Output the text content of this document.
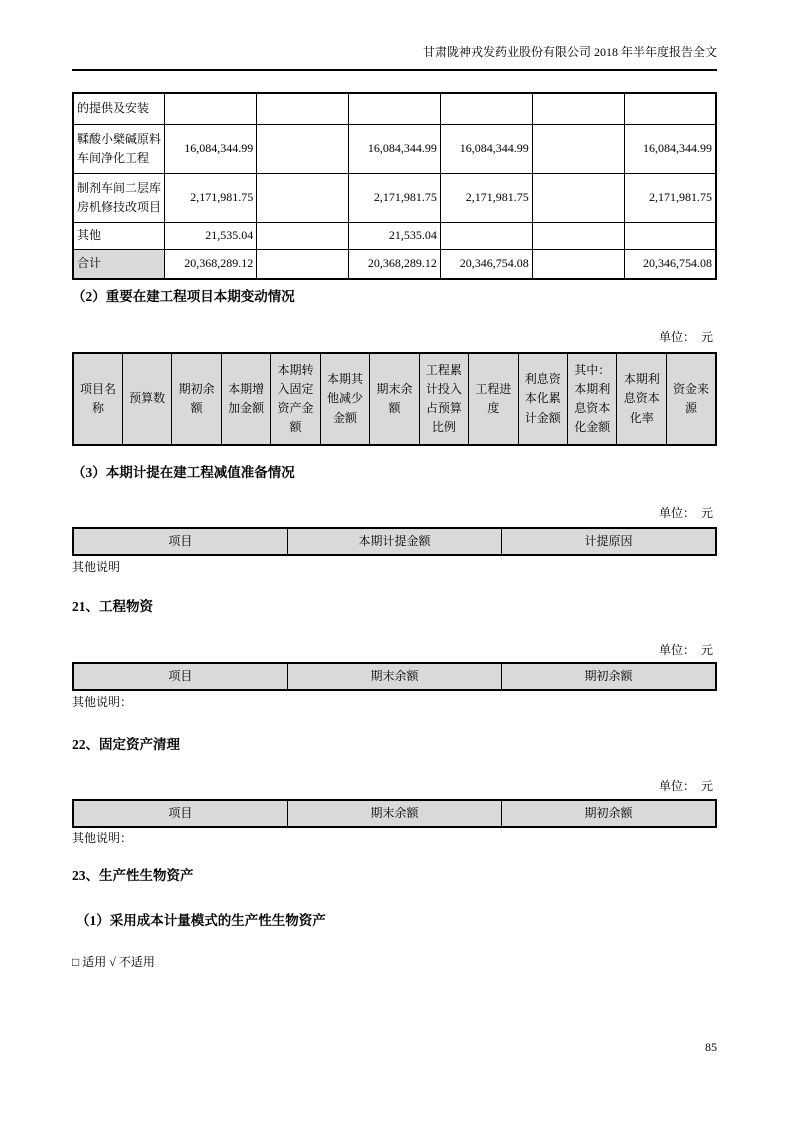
甘肃陇神戎发药业股份有限公司 2018 年半年度报告全文
的提供及安装						
鞣酸小檗碱原料车间净化工程	16,084,344.99		16,084,344.99	16,084,344.99		16,084,344.99
制剂车间二层库房机修技改项目	2,171,981.75		2,171,981.75	2,171,981.75		2,171,981.75
其他	21,535.04		21,535.04			
合计	20,368,289.12		20,368,289.12	20,346,754.08		20,346,754.08
（2）重要在建工程项目本期变动情况
单位：　元
项目名称	预算数	期初余额	本期增加金额	本期转入固定资产金额	本期其他减少金额	期末余额	工程累计投入占预算比例	工程进度	利息资本化累计金额	其中：本期利息资本化金额	本期利息资本化率	资金来源
（3）本期计提在建工程减值准备情况
单位：　元
项目	本期计提金额	计提原因
其他说明
21、工程物资
单位：　元
项目	期末余额	期初余额
其他说明：
22、固定资产清理
单位：　元
项目	期末余额	期初余额
其他说明：
23、生产性生物资产
（1）采用成本计量模式的生产性生物资产
□ 适用 √ 不适用
85
